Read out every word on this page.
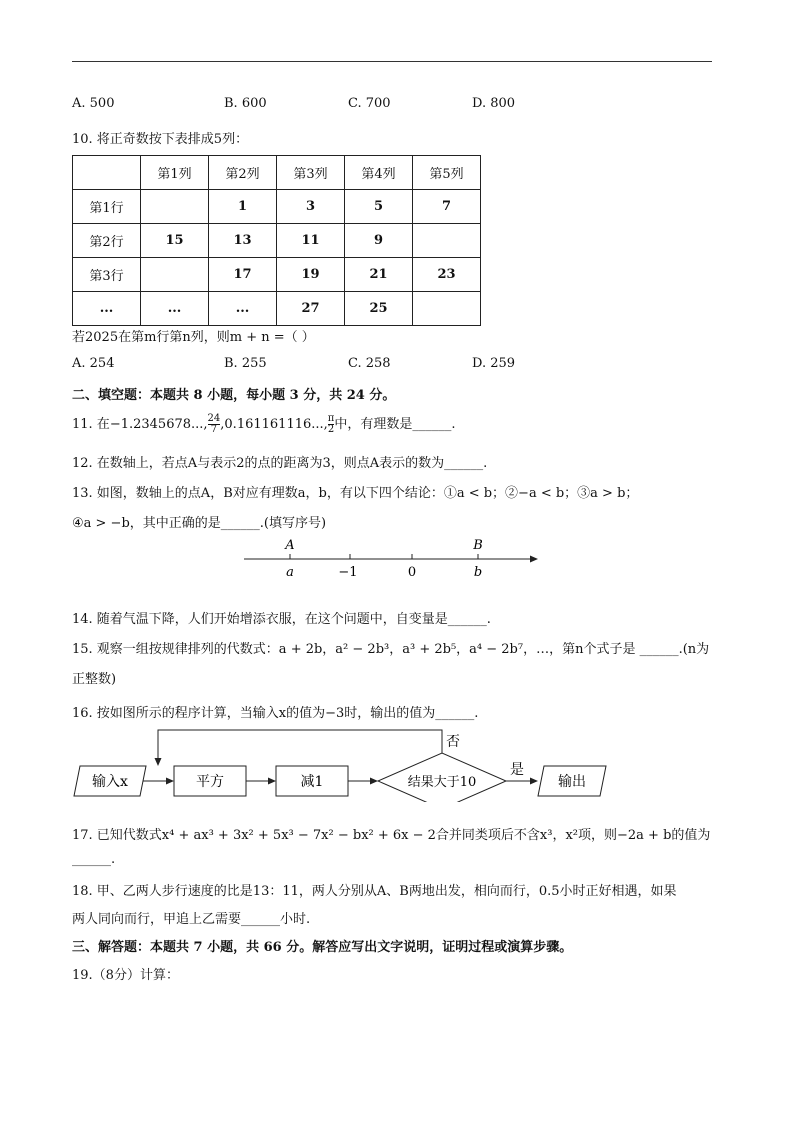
A. 500	B. 600	C. 700	D. 800
10. 将正奇数按下表排成5列：
	第1列	第2列	第3列	第4列	第5列
第1行		1	3	5	7
第2行	15	13	11	9	
第3行		17	19	21	23
...	...	...	27	25	
若2025在第m行第n列，则m + n =（ ）
A. 254	B. 255	C. 258	D. 259
二、填空题：本题共 8 小题，每小题 3 分，共 24 分。
11. 在−1.2345678..., $\frac{24}{7} ,0.161161116$..., $\frac{\pi}{2}$ 中，有理数是______.
12. 在数轴上，若点A与表示2的点的距离为3，则点A表示的数为______.
13. 如图，数轴上的点A，B对应有理数a，b，有以下四个结论：①a < b；②−a < b；③a > b；
④a > −b，其中正确的是______.(填写序号)
A	B
a	−1	0	b
14. 随着气温下降，人们开始增添衣服，在这个问题中，自变量是______.
15. 观察一组按规律排列的代数式：a + 2b，a² − 2b³，a³ + 2b⁵，a⁴ − 2b⁷，…，第n个式子是 ______.(n为
正整数)
16. 按如图所示的程序计算，当输入x的值为−3时，输出的值为______.
输入x	平方	减1	结果大于10
是
输出
否
17. 已知代数式x⁴ + ax³ + 3x² + 5x³ − 7x² − bx² + 6x − 2合并同类项后不含x³，x²项，则−2a + b的值为
______.
18. 甲、乙两人步行速度的比是13：11，两人分别从A、B两地出发，相向而行，0.5小时正好相遇，如果
两人同向而行，甲追上乙需要______小时.
三、解答题：本题共 7 小题，共 66 分。解答应写出文字说明，证明过程或演算步骤。
19.（8分）计算：
